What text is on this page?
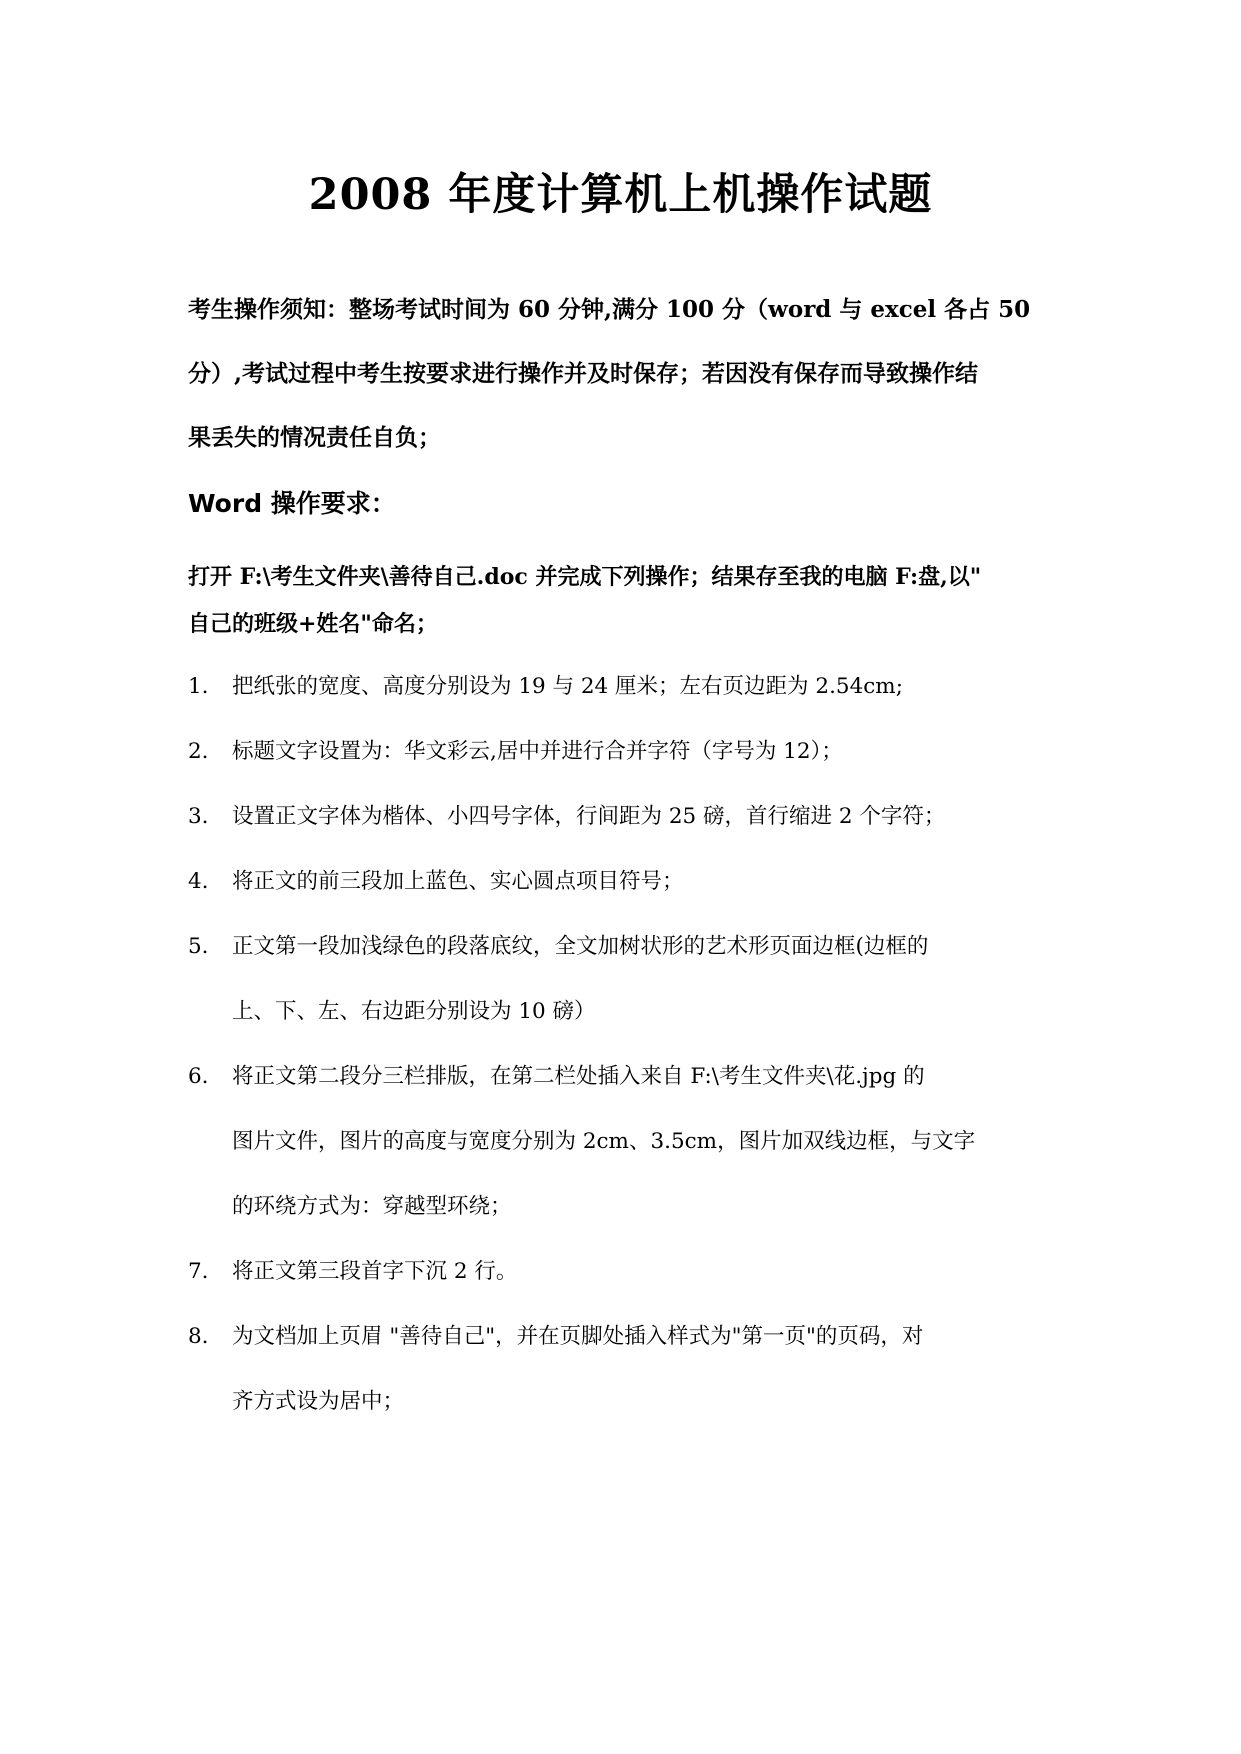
2008 年度计算机上机操作试题
考生操作须知：整场考试时间为 60 分钟,满分 100 分（word 与 excel 各占 50
分）,考试过程中考生按要求进行操作并及时保存；若因没有保存而导致操作结
果丢失的情况责任自负；
Word 操作要求：
打开 F:\考生文件夹\善待自己.doc 并完成下列操作；结果存至我的电脑 F:盘,以"
自己的班级+姓名"命名；
1. 把纸张的宽度、高度分别设为 19 与 24 厘米；左右页边距为 2.54cm;
2. 标题文字设置为：华文彩云,居中并进行合并字符（字号为 12）；
3. 设置正文字体为楷体、小四号字体，行间距为 25 磅，首行缩进 2 个字符；
4. 将正文的前三段加上蓝色、实心圆点项目符号；
5. 正文第一段加浅绿色的段落底纹，全文加树状形的艺术形页面边框(边框的
上、下、左、右边距分别设为 10 磅）
6. 将正文第二段分三栏排版，在第二栏处插入来自 F:\考生文件夹\花.jpg 的
图片文件，图片的高度与宽度分别为 2cm、3.5cm，图片加双线边框，与文字
的环绕方式为：穿越型环绕；
7. 将正文第三段首字下沉 2 行。
8. 为文档加上页眉 "善待自己"，并在页脚处插入样式为"第一页"的页码，对
齐方式设为居中；
